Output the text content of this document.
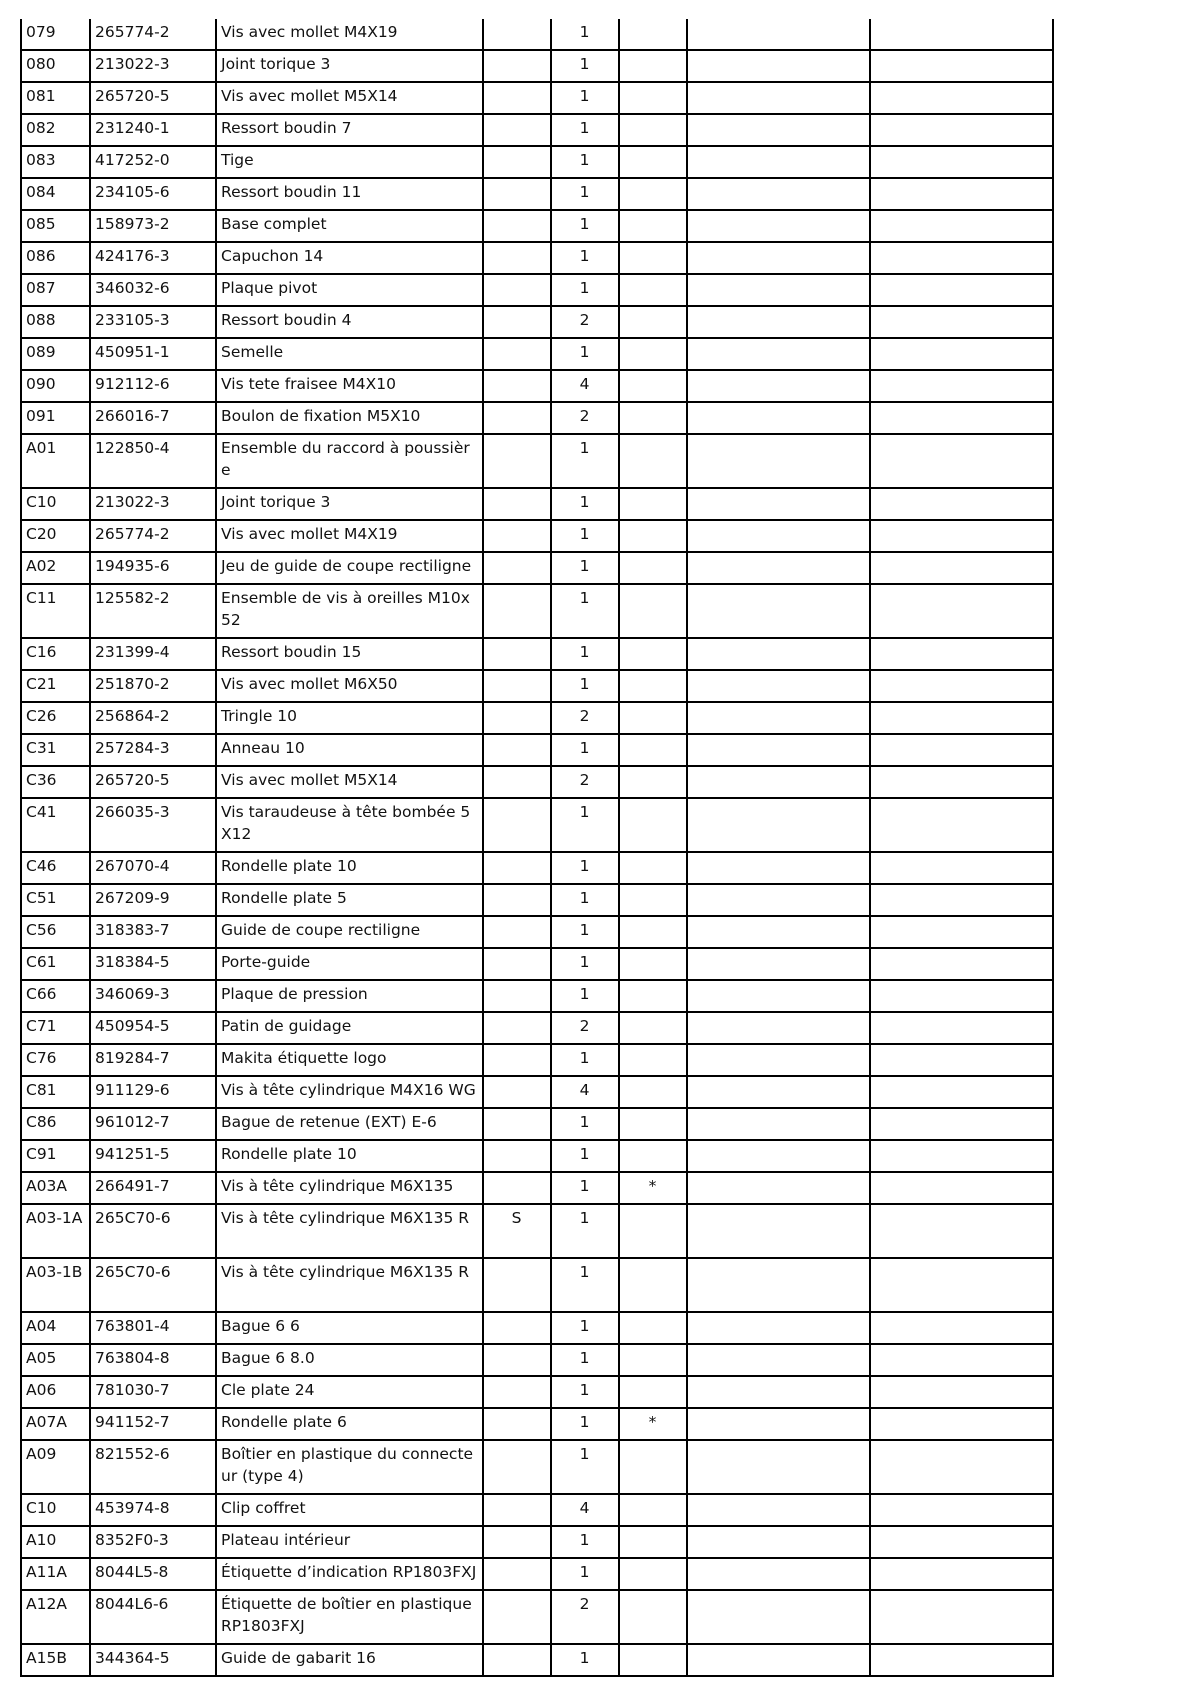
079	265774-2	Vis avec mollet M4X19		1			
080	213022-3	Joint torique 3		1			
081	265720-5	Vis avec mollet M5X14		1			
082	231240-1	Ressort boudin 7		1			
083	417252-0	Tige		1			
084	234105-6	Ressort boudin 11		1			
085	158973-2	Base complet		1			
086	424176-3	Capuchon 14		1			
087	346032-6	Plaque pivot		1			
088	233105-3	Ressort boudin 4		2			
089	450951-1	Semelle		1			
090	912112-6	Vis tete fraisee M4X10		4			
091	266016-7	Boulon de fixation M5X10		2			
A01	122850-4	Ensemble du raccord à poussière		1			
C10	213022-3	Joint torique 3		1			
C20	265774-2	Vis avec mollet M4X19		1			
A02	194935-6	Jeu de guide de coupe rectiligne		1			
C11	125582-2	Ensemble de vis à oreilles M10x52		1			
C16	231399-4	Ressort boudin 15		1			
C21	251870-2	Vis avec mollet M6X50		1			
C26	256864-2	Tringle 10		2			
C31	257284-3	Anneau 10		1			
C36	265720-5	Vis avec mollet M5X14		2			
C41	266035-3	Vis taraudeuse à tête bombée 5X12		1			
C46	267070-4	Rondelle plate 10		1			
C51	267209-9	Rondelle plate 5		1			
C56	318383-7	Guide de coupe rectiligne		1			
C61	318384-5	Porte-guide		1			
C66	346069-3	Plaque de pression		1			
C71	450954-5	Patin de guidage		2			
C76	819284-7	Makita étiquette logo		1			
C81	911129-6	Vis à tête cylindrique M4X16 WG		4			
C86	961012-7	Bague de retenue (EXT) E-6		1			
C91	941251-5	Rondelle plate 10		1			
A03A	266491-7	Vis à tête cylindrique M6X135		1	*		
A03-1A	265C70-6	Vis à tête cylindrique M6X135 R	S	1			
A03-1B	265C70-6	Vis à tête cylindrique M6X135 R		1			
A04	763801-4	Bague 6 6		1			
A05	763804-8	Bague 6 8.0		1			
A06	781030-7	Cle plate 24		1			
A07A	941152-7	Rondelle plate 6		1	*		
A09	821552-6	Boîtier en plastique du connecteur (type 4)		1			
C10	453974-8	Clip coffret		4			
A10	8352F0-3	Plateau intérieur		1			
A11A	8044L5-8	Étiquette d’indication RP1803FXJ		1			
A12A	8044L6-6	Étiquette de boîtier en plastique RP1803FXJ		2			
A15B	344364-5	Guide de gabarit 16		1			
